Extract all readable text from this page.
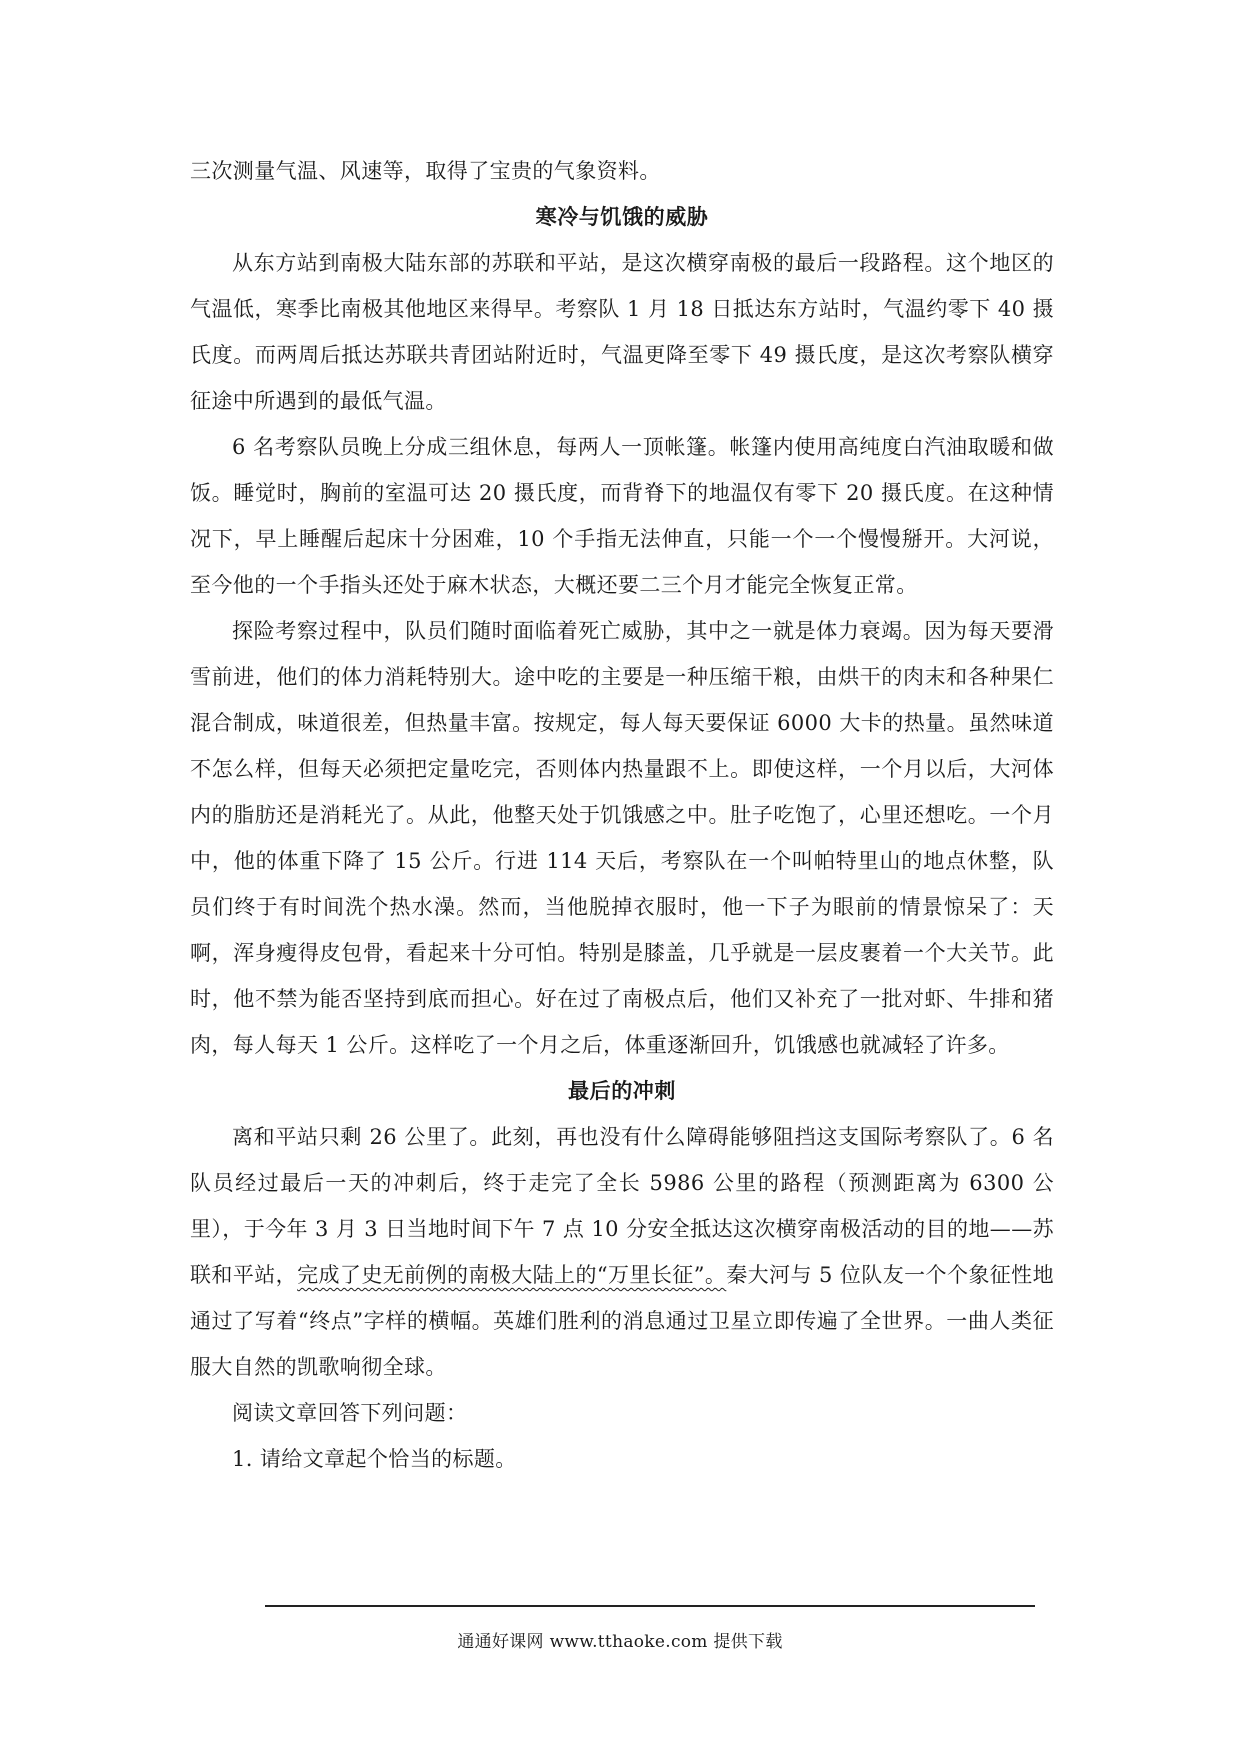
三次测量气温、风速等，取得了宝贵的气象资料。

寒冷与饥饿的威胁

从东方站到南极大陆东部的苏联和平站，是这次横穿南极的最后一段路程。这个地区的气温低，寒季比南极其他地区来得早。考察队 1 月 18 日抵达东方站时，气温约零下 40 摄氏度。而两周后抵达苏联共青团站附近时，气温更降至零下 49 摄氏度，是这次考察队横穿征途中所遇到的最低气温。

6 名考察队员晚上分成三组休息，每两人一顶帐篷。帐篷内使用高纯度白汽油取暖和做饭。睡觉时，胸前的室温可达 20 摄氏度，而背脊下的地温仅有零下 20 摄氏度。在这种情况下，早上睡醒后起床十分困难，10 个手指无法伸直，只能一个一个慢慢掰开。大河说，至今他的一个手指头还处于麻木状态，大概还要二三个月才能完全恢复正常。

探险考察过程中，队员们随时面临着死亡威胁，其中之一就是体力衰竭。因为每天要滑雪前进，他们的体力消耗特别大。途中吃的主要是一种压缩干粮，由烘干的肉末和各种果仁混合制成，味道很差，但热量丰富。按规定，每人每天要保证 6000 大卡的热量。虽然味道不怎么样，但每天必须把定量吃完，否则体内热量跟不上。即使这样，一个月以后，大河体内的脂肪还是消耗光了。从此，他整天处于饥饿感之中。肚子吃饱了，心里还想吃。一个月中，他的体重下降了 15 公斤。行进 114 天后，考察队在一个叫帕特里山的地点休整，队员们终于有时间洗个热水澡。然而，当他脱掉衣服时，他一下子为眼前的情景惊呆了：天啊，浑身瘦得皮包骨，看起来十分可怕。特别是膝盖，几乎就是一层皮裹着一个大关节。此时，他不禁为能否坚持到底而担心。好在过了南极点后，他们又补充了一批对虾、牛排和猪肉，每人每天 1 公斤。这样吃了一个月之后，体重逐渐回升，饥饿感也就减轻了许多。

最后的冲刺

离和平站只剩 26 公里了。此刻，再也没有什么障碍能够阻挡这支国际考察队了。6 名队员经过最后一天的冲刺后，终于走完了全长 5986 公里的路程（预测距离为 6300 公里），于今年 3 月 3 日当地时间下午 7 点 10 分安全抵达这次横穿南极活动的目的地——苏联和平站，完成了史无前例的南极大陆上的“万里长征”。秦大河与 5 位队友一个个象征性地通过了写着“终点”字样的横幅。英雄们胜利的消息通过卫星立即传遍了全世界。一曲人类征服大自然的凯歌响彻全球。

阅读文章回答下列问题：

1. 请给文章起个恰当的标题。

通通好课网 www.tthaoke.com 提供下载
